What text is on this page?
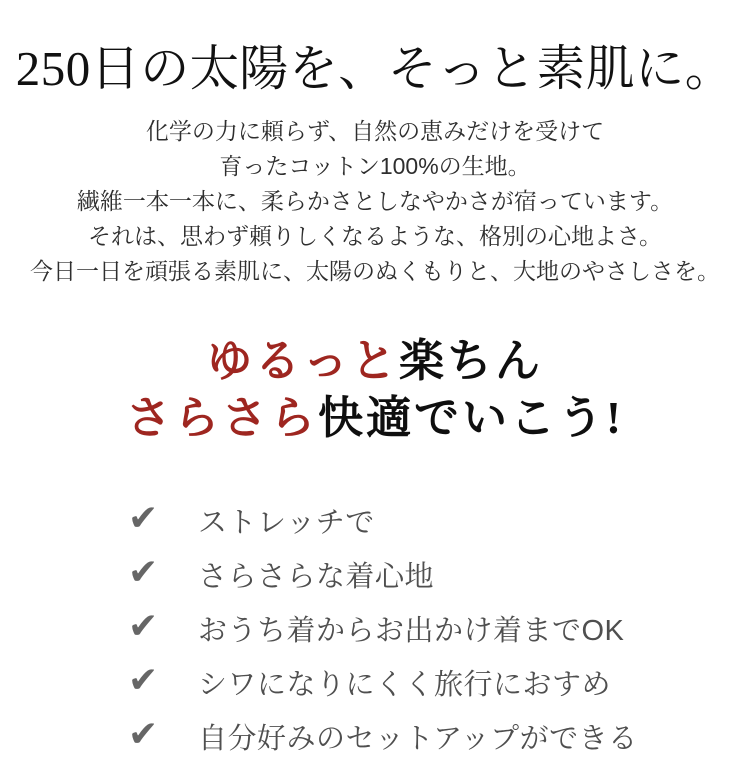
250日の太陽を、そっと素肌に。

化学の力に頼らず、自然の恵みだけを受けて

育ったコットン100%の生地。

繊維一本一本に、柔らかさとしなやかさが宿っています。

それは、思わず頼りしくなるような、格別の心地よさ。

今日一日を頑張る素肌に、太陽のぬくもりと、大地のやさしさを。

ゆるっと楽ちん
さらさら快適でいこう!
✔	ストレッチで
✔	さらさらな着心地
✔	おうち着からお出かけ着までOK
✔	シワになりにくく旅行におすめ
✔	自分好みのセットアップができる
